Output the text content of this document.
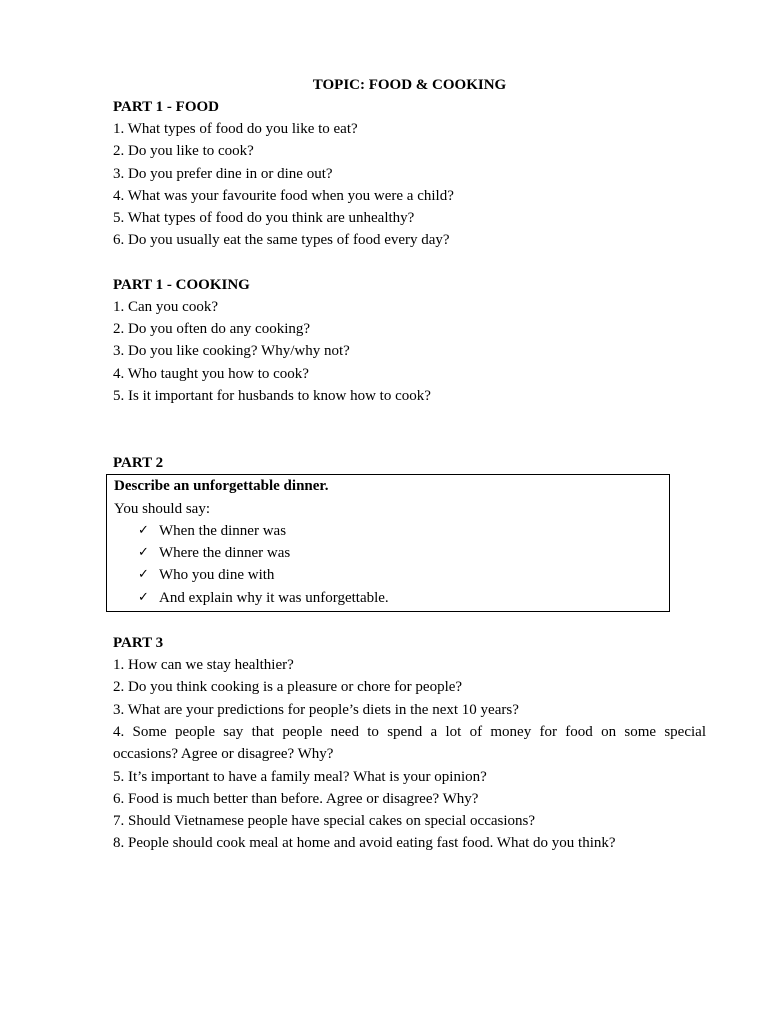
TOPIC: FOOD & COOKING
PART 1 - FOOD
1. What types of food do you like to eat?
2. Do you like to cook?
3. Do you prefer dine in or dine out?
4. What was your favourite food when you were a child?
5. What types of food do you think are unhealthy?
6. Do you usually eat the same types of food every day?
PART 1 - COOKING
1. Can you cook?
2. Do you often do any cooking?
3. Do you like cooking? Why/why not?
4. Who taught you how to cook?
5. Is it important for husbands to know how to cook?
PART 2
Describe an unforgettable dinner.
You should say:
✓ When the dinner was
✓ Where the dinner was
✓ Who you dine with
✓ And explain why it was unforgettable.
PART 3
1. How can we stay healthier?
2. Do you think cooking is a pleasure or chore for people?
3. What are your predictions for people’s diets in the next 10 years?
4. Some people say that people need to spend a lot of money for food on some special
occasions? Agree or disagree? Why?
5. It’s important to have a family meal? What is your opinion?
6. Food is much better than before. Agree or disagree? Why?
7. Should Vietnamese people have special cakes on special occasions?
8. People should cook meal at home and avoid eating fast food. What do you think?
